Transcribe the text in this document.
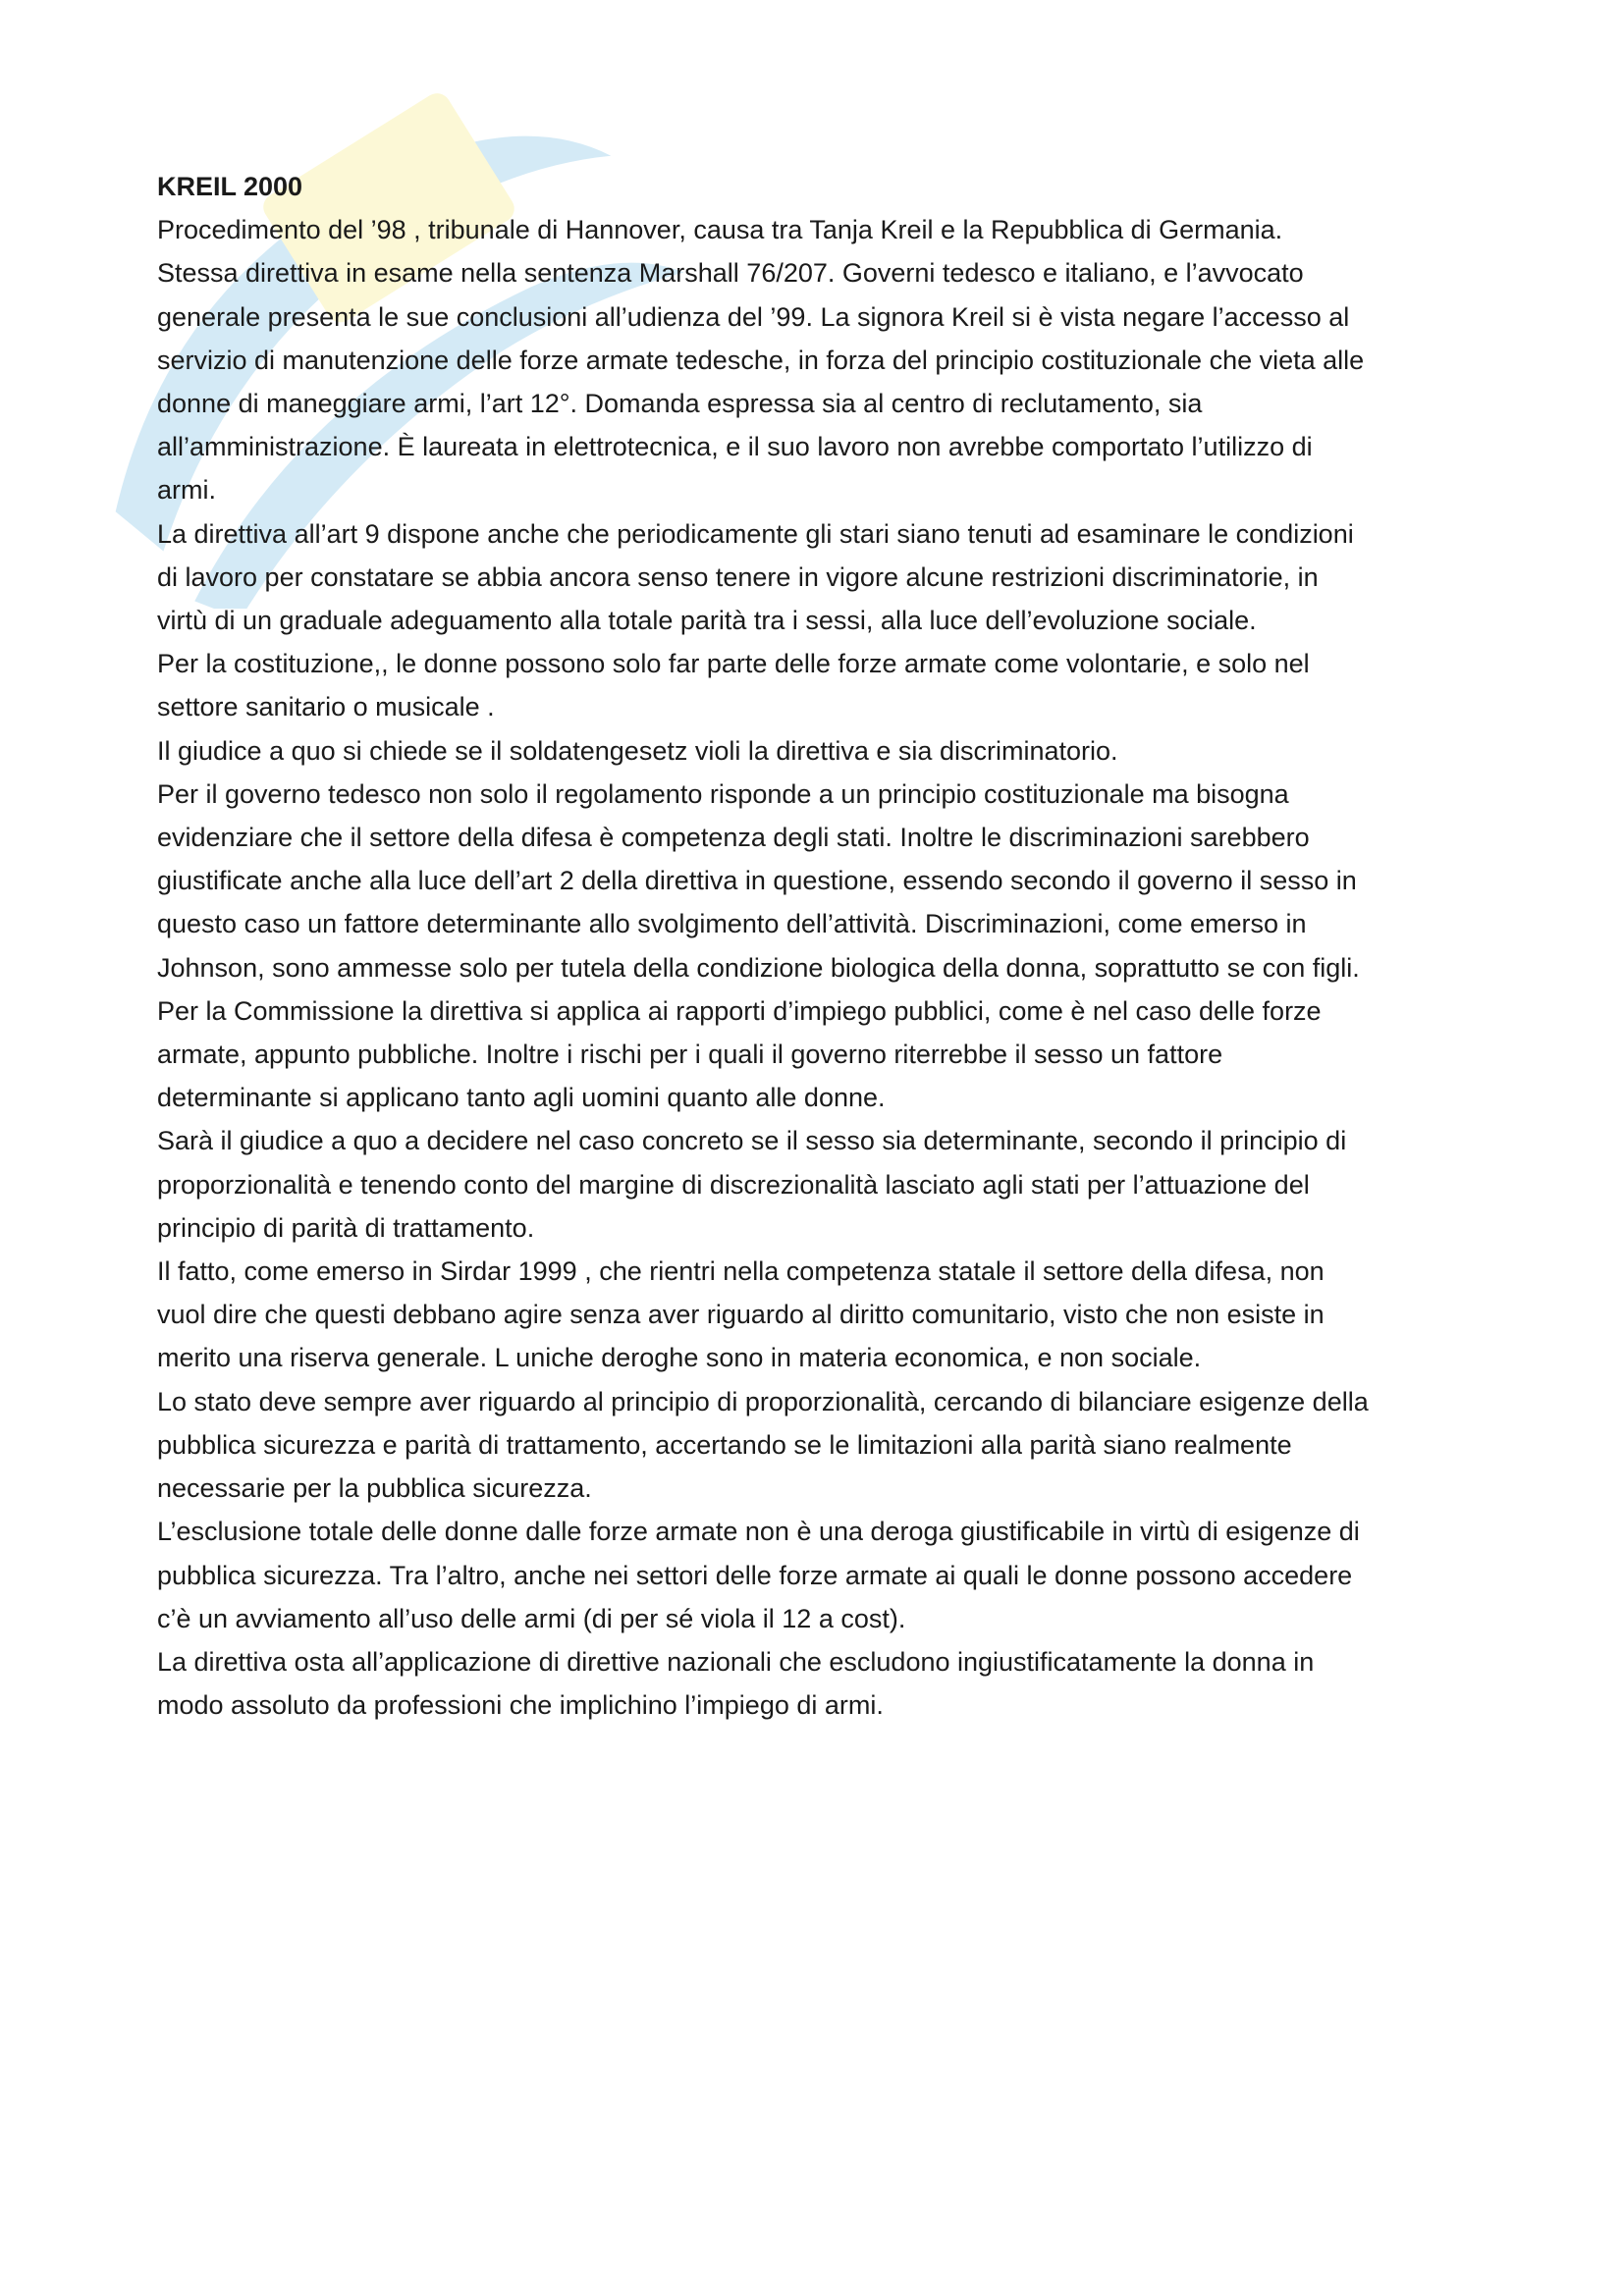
KREIL 2000
Procedimento del ’98 , tribunale di Hannover, causa tra Tanja Kreil e la Repubblica di Germania.
Stessa direttiva in esame nella sentenza Marshall 76/207. Governi tedesco e italiano, e l’avvocato
generale presenta le sue conclusioni all’udienza del ’99. La signora Kreil si è vista negare l’accesso al
servizio di manutenzione delle forze armate tedesche, in forza del principio costituzionale che vieta alle
donne di maneggiare armi, l’art 12°. Domanda espressa sia al centro di reclutamento, sia
all’amministrazione. È laureata in elettrotecnica, e il suo lavoro non avrebbe comportato l’utilizzo di
armi.
La direttiva all’art 9 dispone anche che periodicamente gli stari siano tenuti ad esaminare le condizioni
di lavoro per constatare se abbia ancora senso tenere in vigore alcune restrizioni discriminatorie, in
virtù di un graduale adeguamento alla totale parità tra i sessi, alla luce dell’evoluzione sociale.
Per la costituzione,, le donne possono solo far parte delle forze armate come volontarie, e solo nel
settore sanitario o musicale .
Il giudice a quo si chiede se il soldatengesetz violi la direttiva e sia discriminatorio.
Per il governo tedesco non solo il regolamento risponde a un principio costituzionale ma bisogna
evidenziare che il settore della difesa è competenza degli stati. Inoltre le discriminazioni sarebbero
giustificate anche alla luce dell’art 2 della direttiva in questione, essendo secondo il governo il sesso in
questo caso un fattore determinante allo svolgimento dell’attività. Discriminazioni, come emerso in
Johnson, sono ammesse solo per tutela della condizione biologica della donna, soprattutto se con figli.
Per la Commissione la direttiva si applica ai rapporti d’impiego pubblici, come è nel caso delle forze
armate, appunto pubbliche. Inoltre i rischi per i quali il governo riterrebbe il sesso un fattore
determinante si applicano tanto agli uomini quanto alle donne.
Sarà il giudice a quo a decidere nel caso concreto se il sesso sia determinante, secondo il principio di
proporzionalità e tenendo conto del margine di discrezionalità lasciato agli stati per l’attuazione del
principio di parità di trattamento.
Il fatto, come emerso in Sirdar 1999 , che rientri nella competenza statale il settore della difesa, non
vuol dire che questi debbano agire senza aver riguardo al diritto comunitario, visto che non esiste in
merito una riserva generale. L uniche deroghe sono in materia economica, e non sociale.
Lo stato deve sempre aver riguardo al principio di proporzionalità, cercando di bilanciare esigenze della
pubblica sicurezza e parità di trattamento, accertando se le limitazioni alla parità siano realmente
necessarie per la pubblica sicurezza.
L’esclusione totale delle donne dalle forze armate non è una deroga giustificabile in virtù di esigenze di
pubblica sicurezza. Tra l’altro, anche nei settori delle forze armate ai quali le donne possono accedere
c’è un avviamento all’uso delle armi (di per sé viola il 12 a cost).
La direttiva osta all’applicazione di direttive nazionali che escludono ingiustificatamente la donna in
modo assoluto da professioni che implichino l’impiego di armi.
